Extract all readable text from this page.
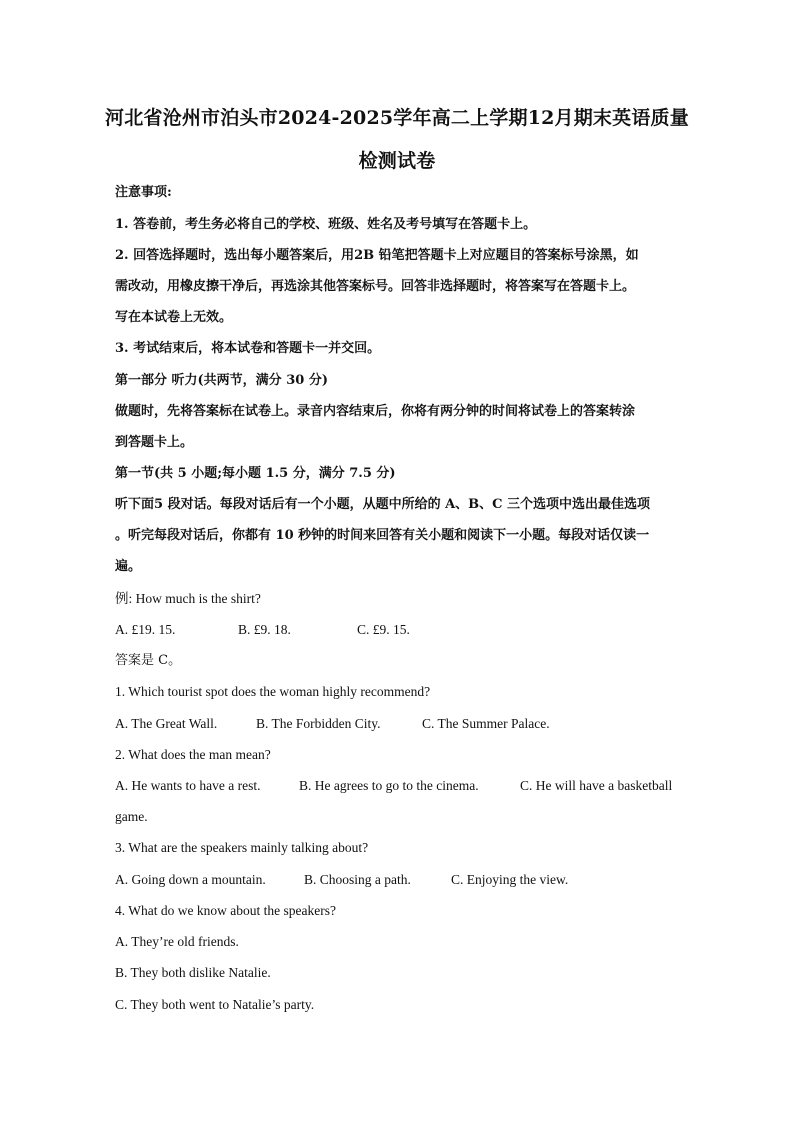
河北省沧州市泊头市2024-2025学年高二上学期12月期末英语质量
检测试卷
注意事项:
1. 答卷前，考生务必将自己的学校、班级、姓名及考号填写在答题卡上。
2. 回答选择题时，选出每小题答案后，用2B 铅笔把答题卡上对应题目的答案标号涂黑，如
需改动，用橡皮擦干净后，再选涂其他答案标号。回答非选择题时，将答案写在答题卡上。
写在本试卷上无效。
3. 考试结束后，将本试卷和答题卡一并交回。
第一部分 听力(共两节，满分 30 分)
做题时，先将答案标在试卷上。录音内容结束后，你将有两分钟的时间将试卷上的答案转涂
到答题卡上。
第一节(共 5 小题;每小题 1.5 分，满分 7.5 分)
听下面5 段对话。每段对话后有一个小题，从题中所给的 A、B、C 三个选项中选出最佳选项
。听完每段对话后，你都有 10 秒钟的时间来回答有关小题和阅读下一小题。每段对话仅读一
遍。
例: How much is the shirt?
A. £19. 15.	B. £9. 18.	C. £9. 15.
答案是 C。
1. Which tourist spot does the woman highly recommend?
A. The Great Wall.	B. The Forbidden City.	C. The Summer Palace.
2. What does the man mean?
A. He wants to have a rest.	B. He agrees to go to the cinema.	C. He will have a basketball
game.
3. What are the speakers mainly talking about?
A. Going down a mountain.	B. Choosing a path.	C. Enjoying the view.
4. What do we know about the speakers?
A. They’re old friends.
B. They both dislike Natalie.
C. They both went to Natalie’s party.
